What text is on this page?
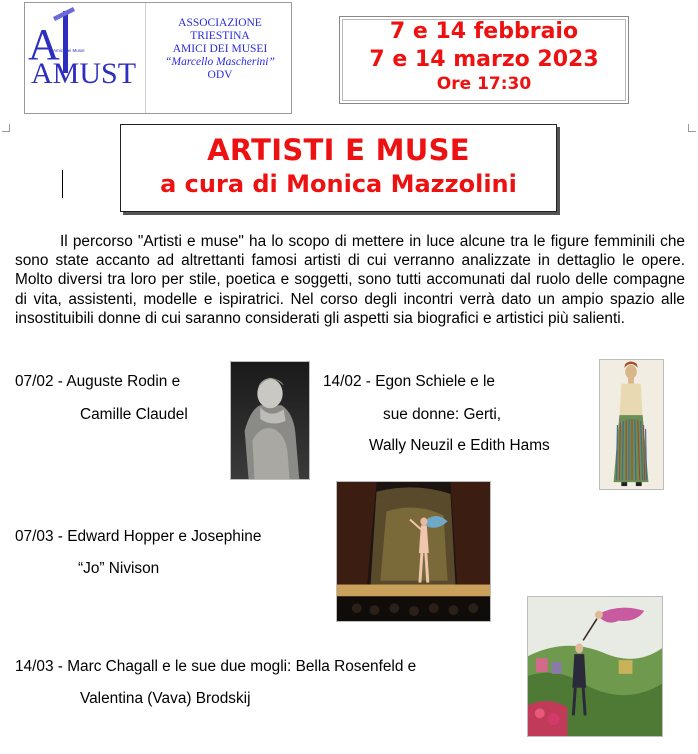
A
AMUST
Amici dei Musei
ASSOCIAZIONE TRIESTINA
AMICI DEI MUSEI
“Marcello Mascherini”
ODV
7 e 14 febbraio
7 e 14 marzo 2023
Ore 17:30
ARTISTI E MUSE
a cura di Monica Mazzolini

Il percorso "Artisti e muse" ha lo scopo di mettere in luce alcune tra le figure femminili che sono state accanto ad altrettanti famosi artisti di cui verranno analizzate in dettaglio le opere. Molto diversi tra loro per stile, poetica e soggetti, sono tutti accomunati dal ruolo delle compagne di vita, assistenti, modelle e ispiratrici. Nel corso degli incontri verrà dato un ampio spazio alle insostituibili donne di cui saranno considerati gli aspetti sia biografici e artistici più salienti.

07/02 - Auguste Rodin e
Camille Claudel
14/02 - Egon Schiele e le
sue donne: Gerti,
Wally Neuzil e Edith Hams
07/03 - Edward Hopper e Josephine
“Jo” Nivison
14/03 - Marc Chagall e le sue due mogli: Bella Rosenfeld e
Valentina (Vava) Brodskij
